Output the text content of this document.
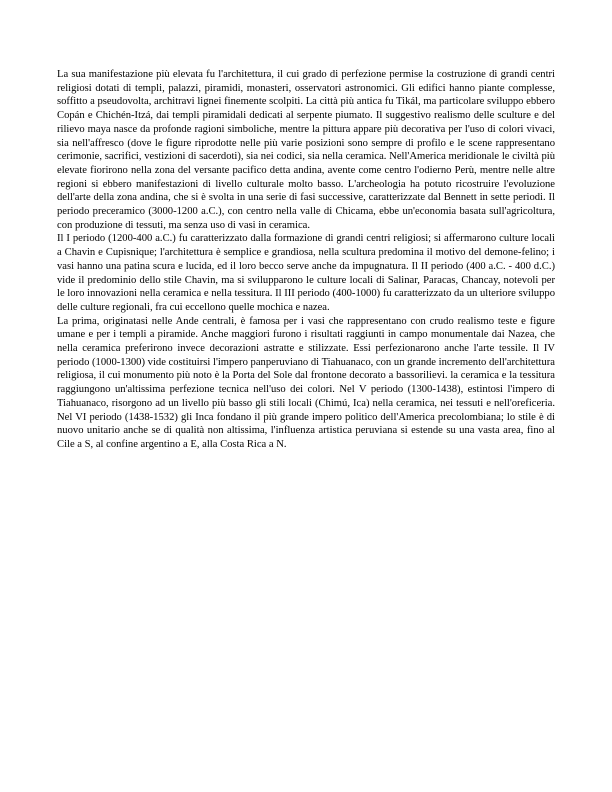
La sua manifestazione più elevata fu l'architettura, il cui grado di perfezione permise la costruzione di grandi centri religiosi dotati di templi, palazzi, piramidi, monasteri, osservatori astronomici. Gli edifici hanno piante complesse, soffitto a pseudovolta, architravi lignei finemente scolpiti. La città più antica fu Tikál, ma particolare sviluppo ebbero Copán e Chichén-Itzá, dai templi piramidali dedicati al serpente piumato. Il suggestivo realismo delle sculture e del rilievo maya nasce da profonde ragioni simboliche, mentre la pittura appare più decorativa per l'uso di colori vivaci, sia nell'affresco (dove le figure riprodotte nelle più varie posizioni sono sempre di profilo e le scene rappresentano cerimonie, sacrifici, vestizioni di sacerdoti), sia nei codici, sia nella ceramica. Nell'America meridionale le civiltà più elevate fiorirono nella zona del versante pacifico detta andina, avente come centro l'odierno Perù, mentre nelle altre regioni si ebbero manifestazioni di livello culturale molto basso. L'archeologia ha potuto ricostruire l'evoluzione dell'arte della zona andina, che si è svolta in una serie di fasi successive, caratterizzate dal Bennett in sette periodi. Il periodo preceramico (3000-1200 a.C.), con centro nella valle di Chicama, ebbe un'economia basata sull'agricoltura, con produzione di tessuti, ma senza uso di vasi in ceramica.

Il I periodo (1200-400 a.C.) fu caratterizzato dalla formazione di grandi centri religiosi; si affermarono culture locali a Chavin e Cupisnique; l'architettura è semplice e grandiosa, nella scultura predomina il motivo del demone-felino; i vasi hanno una patina scura e lucida, ed il loro becco serve anche da impugnatura. Il II periodo (400 a.C. - 400 d.C.) vide il predominio dello stile Chavin, ma si svilupparono le culture locali di Salinar, Paracas, Chancay, notevoli per le loro innovazioni nella ceramica e nella tessitura. Il III periodo (400-1000) fu caratterizzato da un ulteriore sviluppo delle culture regionali, fra cui eccellono quelle mochica e nazea.

La prima, originatasi nelle Ande centrali, è famosa per i vasi che rappresentano con crudo realismo teste e figure umane e per i templi a piramide. Anche maggiori furono i risultati raggiunti in campo monumentale dai Nazea, che nella ceramica preferirono invece decorazioni astratte e stilizzate. Essi perfezionarono anche l'arte tessile. Il IV periodo (1000-1300) vide costituirsi l'impero panperuviano di Tiahuanaco, con un grande incremento dell'architettura religiosa, il cui monumento più noto è la Porta del Sole dal frontone decorato a bassorilievi. la ceramica e la tessitura raggiungono un'altissima perfezione tecnica nell'uso dei colori. Nel V periodo (1300-1438), estintosi l'impero di Tiahuanaco, risorgono ad un livello più basso gli stili locali (Chimú, Ica) nella ceramica, nei tessuti e nell'oreficeria. Nel VI periodo (1438-1532) gli Inca fondano il più grande impero politico dell'America precolombiana; lo stile è di nuovo unitario anche se di qualità non altissima, l'influenza artistica peruviana si estende su una vasta area, fino al Cile a S, al confine argentino a E, alla Costa Rica a N.
